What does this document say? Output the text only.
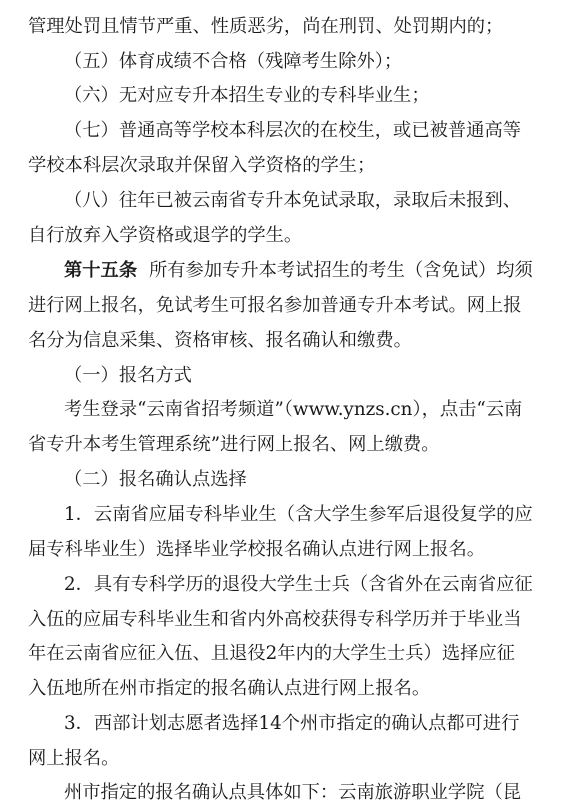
管理处罚且情节严重、性质恶劣，尚在刑罚、处罚期内的；
（五）体育成绩不合格（残障考生除外）；
（六）无对应专升本招生专业的专科毕业生；
（七）普通高等学校本科层次的在校生，或已被普通高等
学校本科层次录取并保留入学资格的学生；
（八）往年已被云南省专升本免试录取，录取后未报到、
自行放弃入学资格或退学的学生。
第十五条 所有参加专升本考试招生的考生（含免试）均须
进行网上报名，免试考生可报名参加普通专升本考试。网上报
名分为信息采集、资格审核、报名确认和缴费。
（一）报名方式
考生登录“云南省招考频道”（www.ynzs.cn），点击“云南
省专升本考生管理系统”进行网上报名、网上缴费。
（二）报名确认点选择
1．云南省应届专科毕业生（含大学生参军后退役复学的应
届专科毕业生）选择毕业学校报名确认点进行网上报名。
2．具有专科学历的退役大学生士兵（含省外在云南省应征
入伍的应届专科毕业生和省内外高校获得专科学历并于毕业当
年在云南省应征入伍、且退役2年内的大学生士兵）选择应征
入伍地所在州市指定的报名确认点进行网上报名。
3．西部计划志愿者选择14个州市指定的确认点都可进行
网上报名。
州市指定的报名确认点具体如下：云南旅游职业学院（昆
